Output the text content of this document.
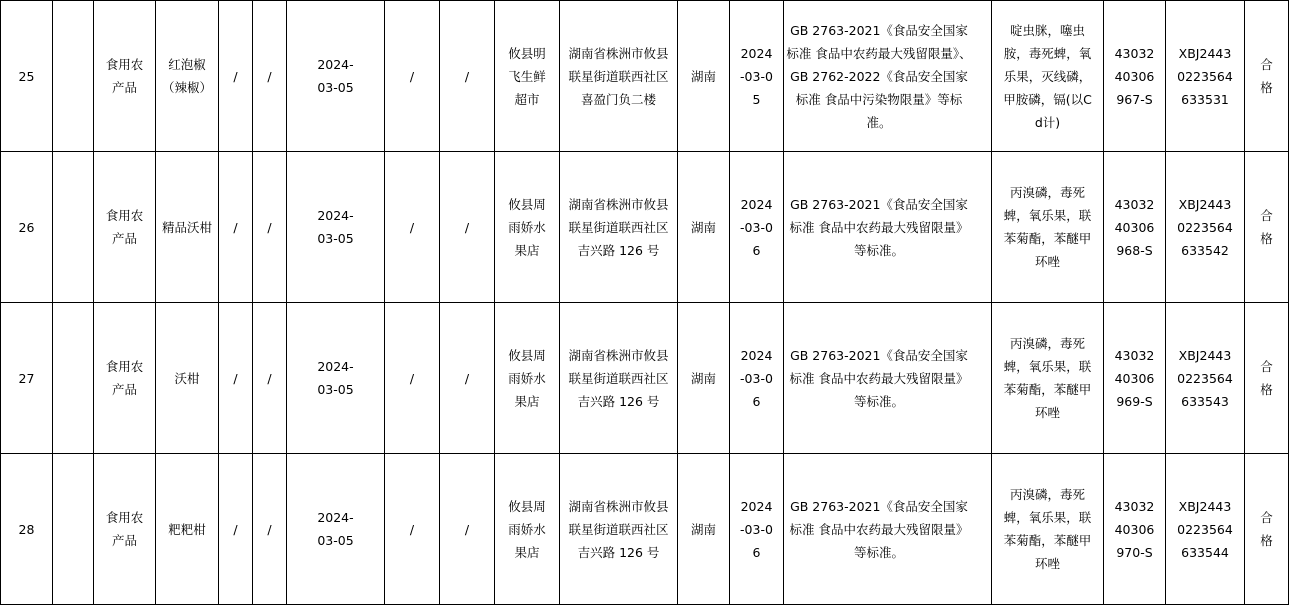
25		食用农产品	红泡椒（辣椒）	/	/	2024-03-05	/	/	攸县明飞生鲜超市	湖南省株洲市攸县联星街道联西社区喜盈门负二楼	湖南	2024-03-05	GB 2763-2021《食品安全国家标准 食品中农药最大残留限量》、GB 2762-2022《食品安全国家标准 食品中污染物限量》等标准。	啶虫脒，噻虫胺，毒死蜱，氧乐果，灭线磷，甲胺磷，镉(以Cd计)	4303240306967-S	XBJ24430223564633531	合格

26		食用农产品	精品沃柑	/	/	2024-03-05	/	/	攸县周雨娇水果店	湖南省株洲市攸县联星街道联西社区吉兴路 126 号	湖南	2024-03-06	GB 2763-2021《食品安全国家标准 食品中农药最大残留限量》等标准。	丙溴磷，毒死蜱，氧乐果，联苯菊酯，苯醚甲环唑	4303240306968-S	XBJ24430223564633542	合格

27		食用农产品	沃柑	/	/	2024-03-05	/	/	攸县周雨娇水果店	湖南省株洲市攸县联星街道联西社区吉兴路 126 号	湖南	2024-03-06	GB 2763-2021《食品安全国家标准 食品中农药最大残留限量》等标准。	丙溴磷，毒死蜱，氧乐果，联苯菊酯，苯醚甲环唑	4303240306969-S	XBJ24430223564633543	合格

28		食用农产品	粑粑柑	/	/	2024-03-05	/	/	攸县周雨娇水果店	湖南省株洲市攸县联星街道联西社区吉兴路 126 号	湖南	2024-03-06	GB 2763-2021《食品安全国家标准 食品中农药最大残留限量》等标准。	丙溴磷，毒死蜱，氧乐果，联苯菊酯，苯醚甲环唑	4303240306970-S	XBJ24430223564633544	合格
